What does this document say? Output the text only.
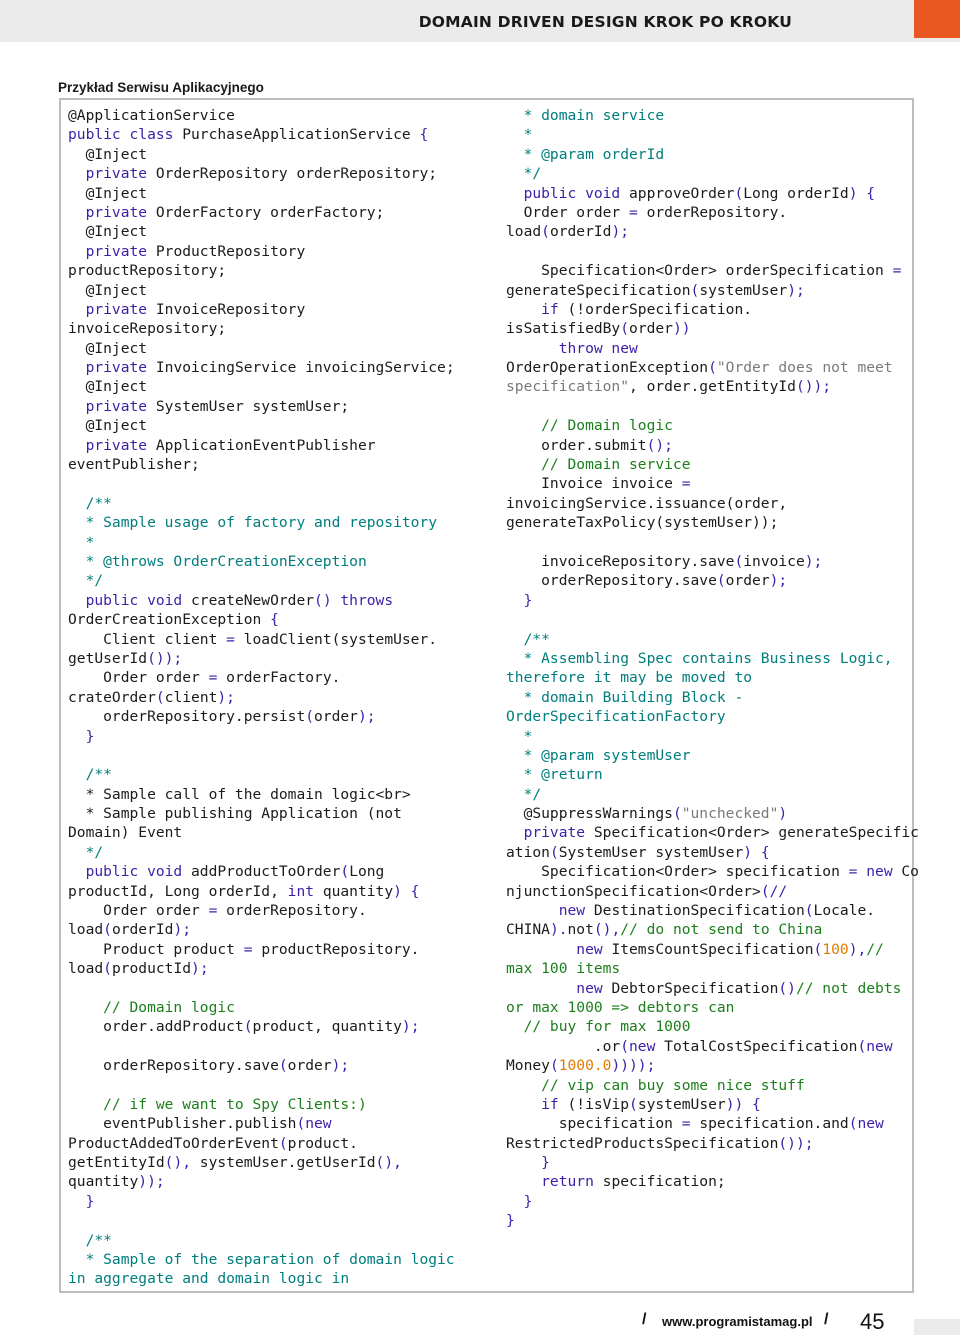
DOMAIN DRIVEN DESIGN KROK PO KROKU
Przykład Serwisu Aplikacyjnego
@ApplicationService
public class PurchaseApplicationService {
@Inject
private OrderRepository orderRepository;
@Inject
private OrderFactory orderFactory;
@Inject
private ProductRepository
productRepository;
@Inject
private InvoiceRepository
invoiceRepository;
@Inject
private InvoicingService invoicingService;
@Inject
private SystemUser systemUser;
@Inject
private ApplicationEventPublisher
eventPublisher;
/**
* Sample usage of factory and repository
*
* @throws OrderCreationException
*/
public void createNewOrder() throws
OrderCreationException {
Client client = loadClient(systemUser.
getUserId());
Order order = orderFactory.
crateOrder(client);
orderRepository.persist(order);
}
/**
* Sample call of the domain logic<br>
* Sample publishing Application (not
Domain) Event
*/
public void addProductToOrder(Long
productId, Long orderId, int quantity) {
Order order = orderRepository.
load(orderId);
Product product = productRepository.
load(productId);
// Domain logic
order.addProduct(product, quantity);
orderRepository.save(order);
// if we want to Spy Clients:)
eventPublisher.publish(new
ProductAddedToOrderEvent(product.
getEntityId(), systemUser.getUserId(),
quantity));
}
/**
* Sample of the separation of domain logic
in aggregate and domain logic in
* domain service
*
* @param orderId
*/
public void approveOrder(Long orderId) {
Order order = orderRepository.
load(orderId);
Specification<Order> orderSpecification =
generateSpecification(systemUser);
if (!orderSpecification.
isSatisfiedBy(order))
throw new
OrderOperationException("Order does not meet
specification", order.getEntityId());
// Domain logic
order.submit();
// Domain service
Invoice invoice =
invoicingService.issuance(order,
generateTaxPolicy(systemUser));
invoiceRepository.save(invoice);
orderRepository.save(order);
}
/**
* Assembling Spec contains Business Logic,
therefore it may be moved to
* domain Building Block -
OrderSpecificationFactory
*
* @param systemUser
* @return
*/
@SuppressWarnings("unchecked")
private Specification<Order> generateSpecific
ation(SystemUser systemUser) {
Specification<Order> specification = new Co
njunctionSpecification<Order>(//
new DestinationSpecification(Locale.
CHINA).not(),// do not send to China
new ItemsCountSpecification(100),//
max 100 items
new DebtorSpecification()// not debts
or max 1000 => debtors can
// buy for max 1000
.or(new TotalCostSpecification(new
Money(1000.0))));
// vip can buy some nice stuff
if (!isVip(systemUser)) {
specification = specification.and(new
RestrictedProductsSpecification());
}
return specification;
}
}
/ www.programistamag.pl / 45
